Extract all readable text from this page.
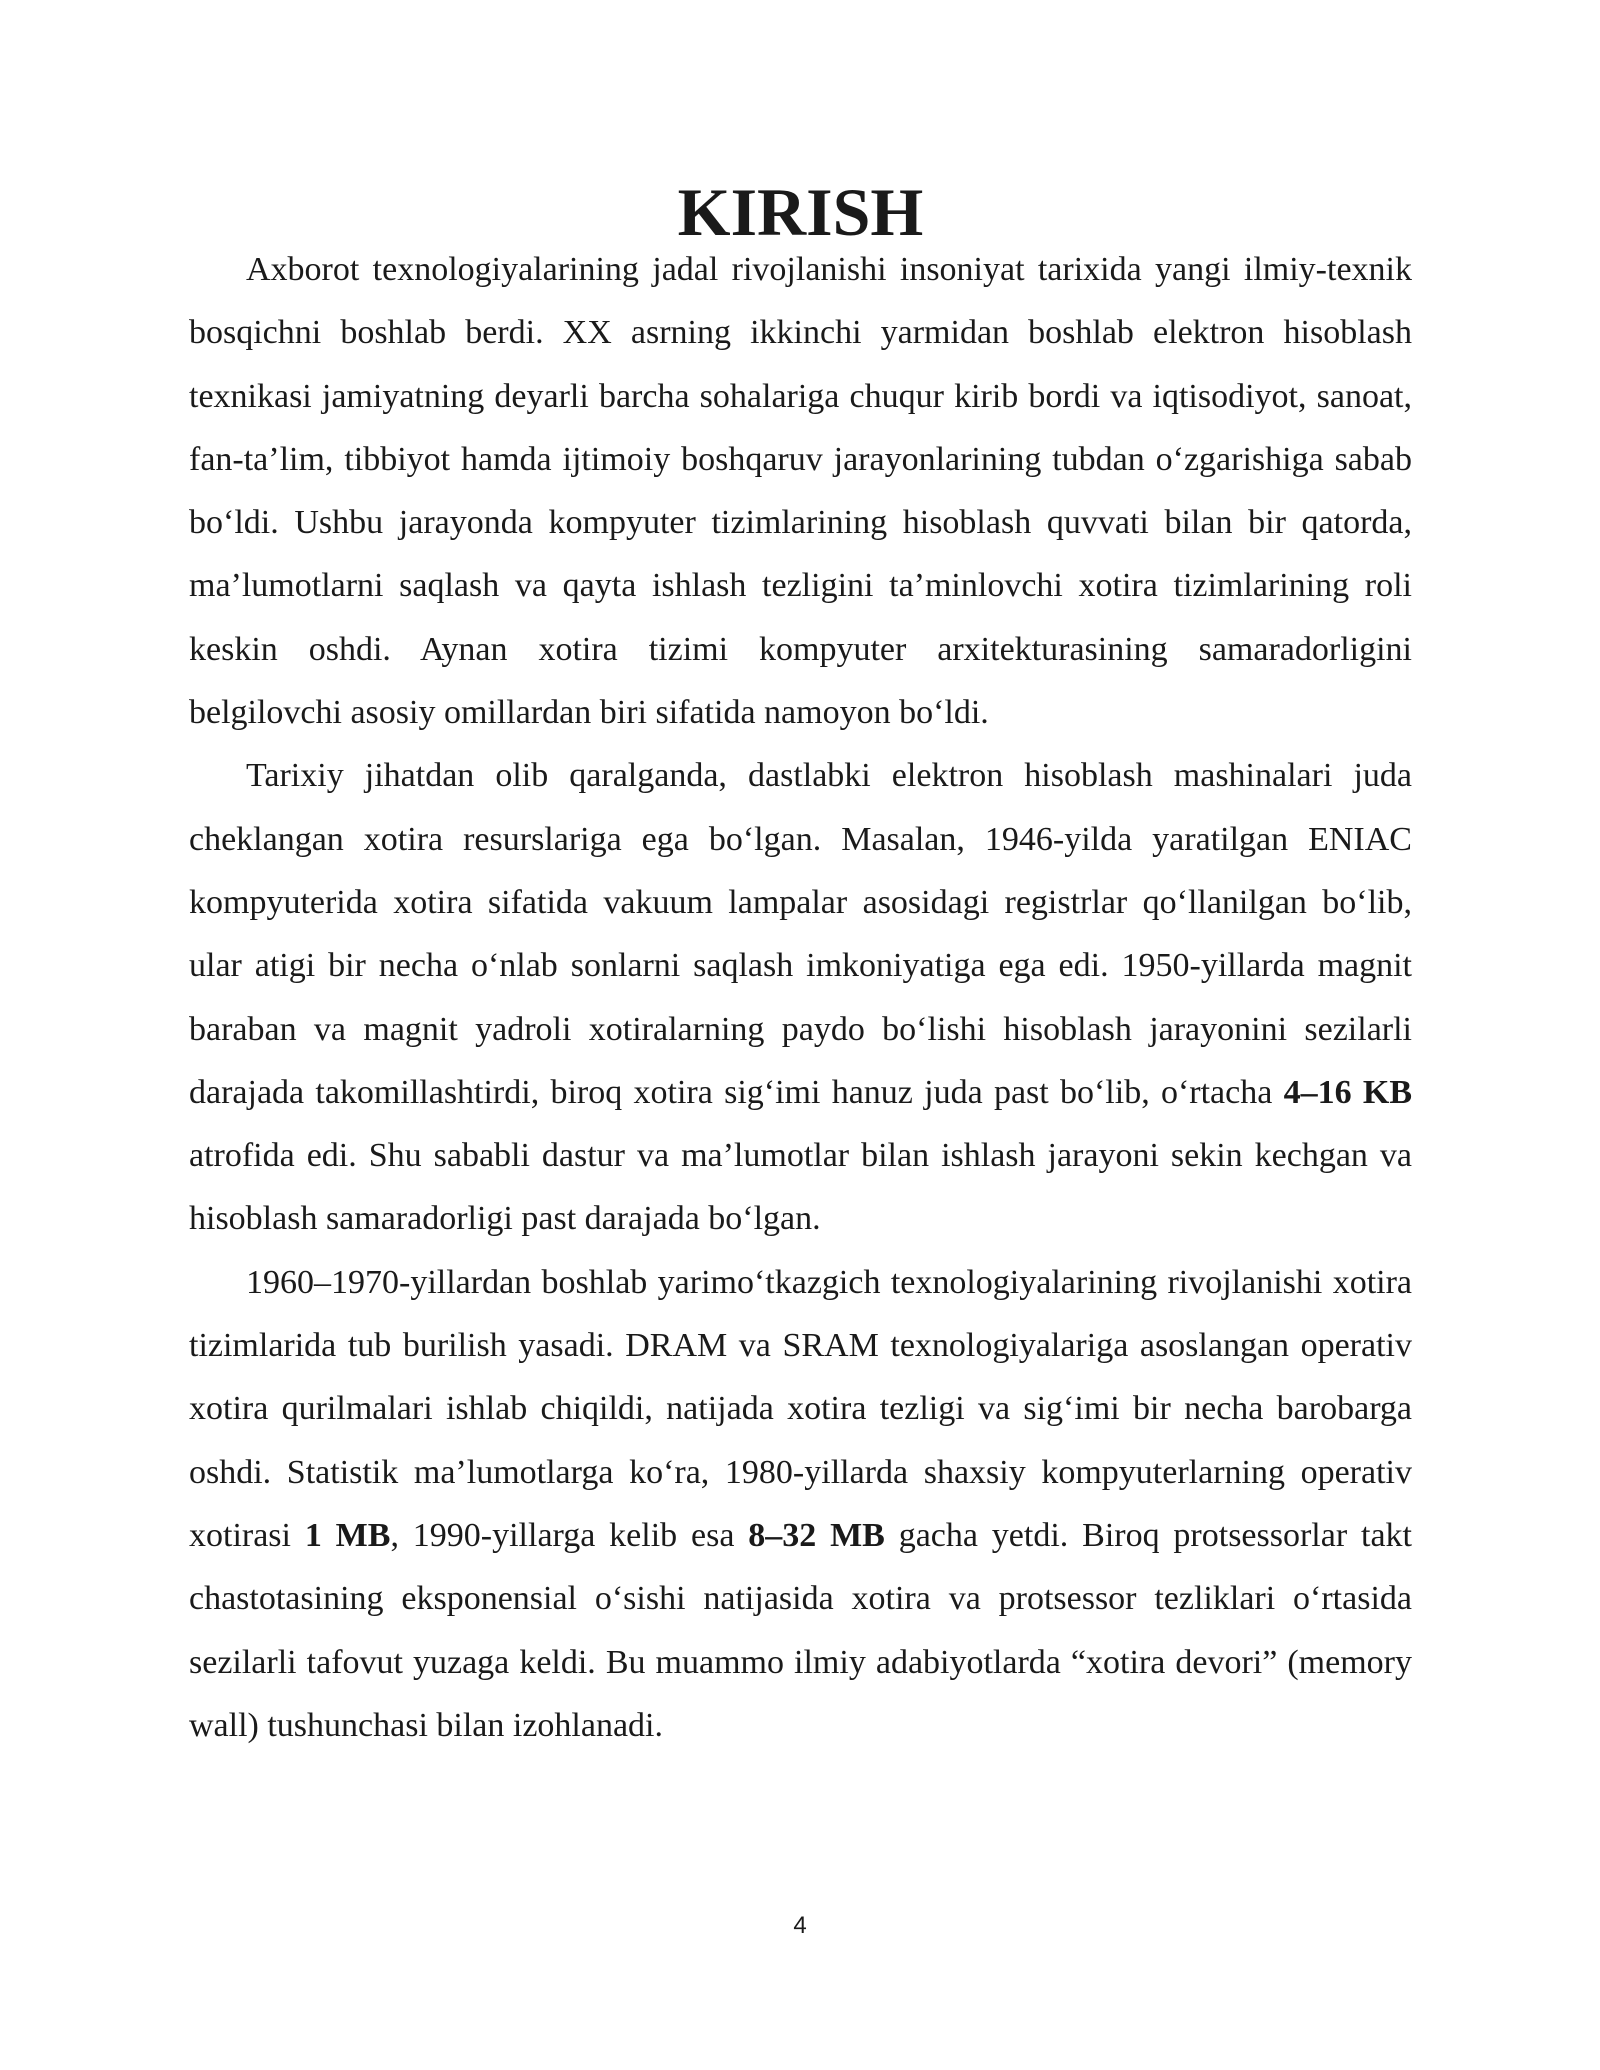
KIRISH

Axborot texnologiyalarining jadal rivojlanishi insoniyat tarixida yangi ilmiy-texnik bosqichni boshlab berdi. XX asrning ikkinchi yarmidan boshlab elektron hisoblash texnikasi jamiyatning deyarli barcha sohalariga chuqur kirib bordi va iqtisodiyot, sanoat, fan-ta’lim, tibbiyot hamda ijtimoiy boshqaruv jarayonlarining tubdan o‘zgarishiga sabab bo‘ldi. Ushbu jarayonda kompyuter tizimlarining hisoblash quvvati bilan bir qatorda, ma’lumotlarni saqlash va qayta ishlash tezligini ta’minlovchi xotira tizimlarining roli keskin oshdi. Aynan xotira tizimi kompyuter arxitekturasining samaradorligini belgilovchi asosiy omillardan biri sifatida namoyon bo‘ldi.

Tarixiy jihatdan olib qaralganda, dastlabki elektron hisoblash mashinalari juda cheklangan xotira resurslariga ega bo‘lgan. Masalan, 1946-yilda yaratilgan ENIAC kompyuterida xotira sifatida vakuum lampalar asosidagi registrlar qo‘llanilgan bo‘lib, ular atigi bir necha o‘nlab sonlarni saqlash imkoniyatiga ega edi. 1950-yillarda magnit baraban va magnit yadroli xotiralarning paydo bo‘lishi hisoblash jarayonini sezilarli darajada takomillashtirdi, biroq xotira sig‘imi hanuz juda past bo‘lib, o‘rtacha 4–16 KB atrofida edi. Shu sababli dastur va ma’lumotlar bilan ishlash jarayoni sekin kechgan va hisoblash samaradorligi past darajada bo‘lgan.

1960–1970-yillardan boshlab yarimo‘tkazgich texnologiyalarining rivojlanishi xotira tizimlarida tub burilish yasadi. DRAM va SRAM texnologiyalariga asoslangan operativ xotira qurilmalari ishlab chiqildi, natijada xotira tezligi va sig‘imi bir necha barobarga oshdi. Statistik ma’lumotlarga ko‘ra, 1980-yillarda shaxsiy kompyuterlarning operativ xotirasi 1 MB, 1990-yillarga kelib esa 8–32 MB gacha yetdi. Biroq protsessorlar takt chastotasining eksponensial o‘sishi natijasida xotira va protsessor tezliklari o‘rtasida sezilarli tafovut yuzaga keldi. Bu muammo ilmiy adabiyotlarda “xotira devori” (memory wall) tushunchasi bilan izohlanadi.

4
